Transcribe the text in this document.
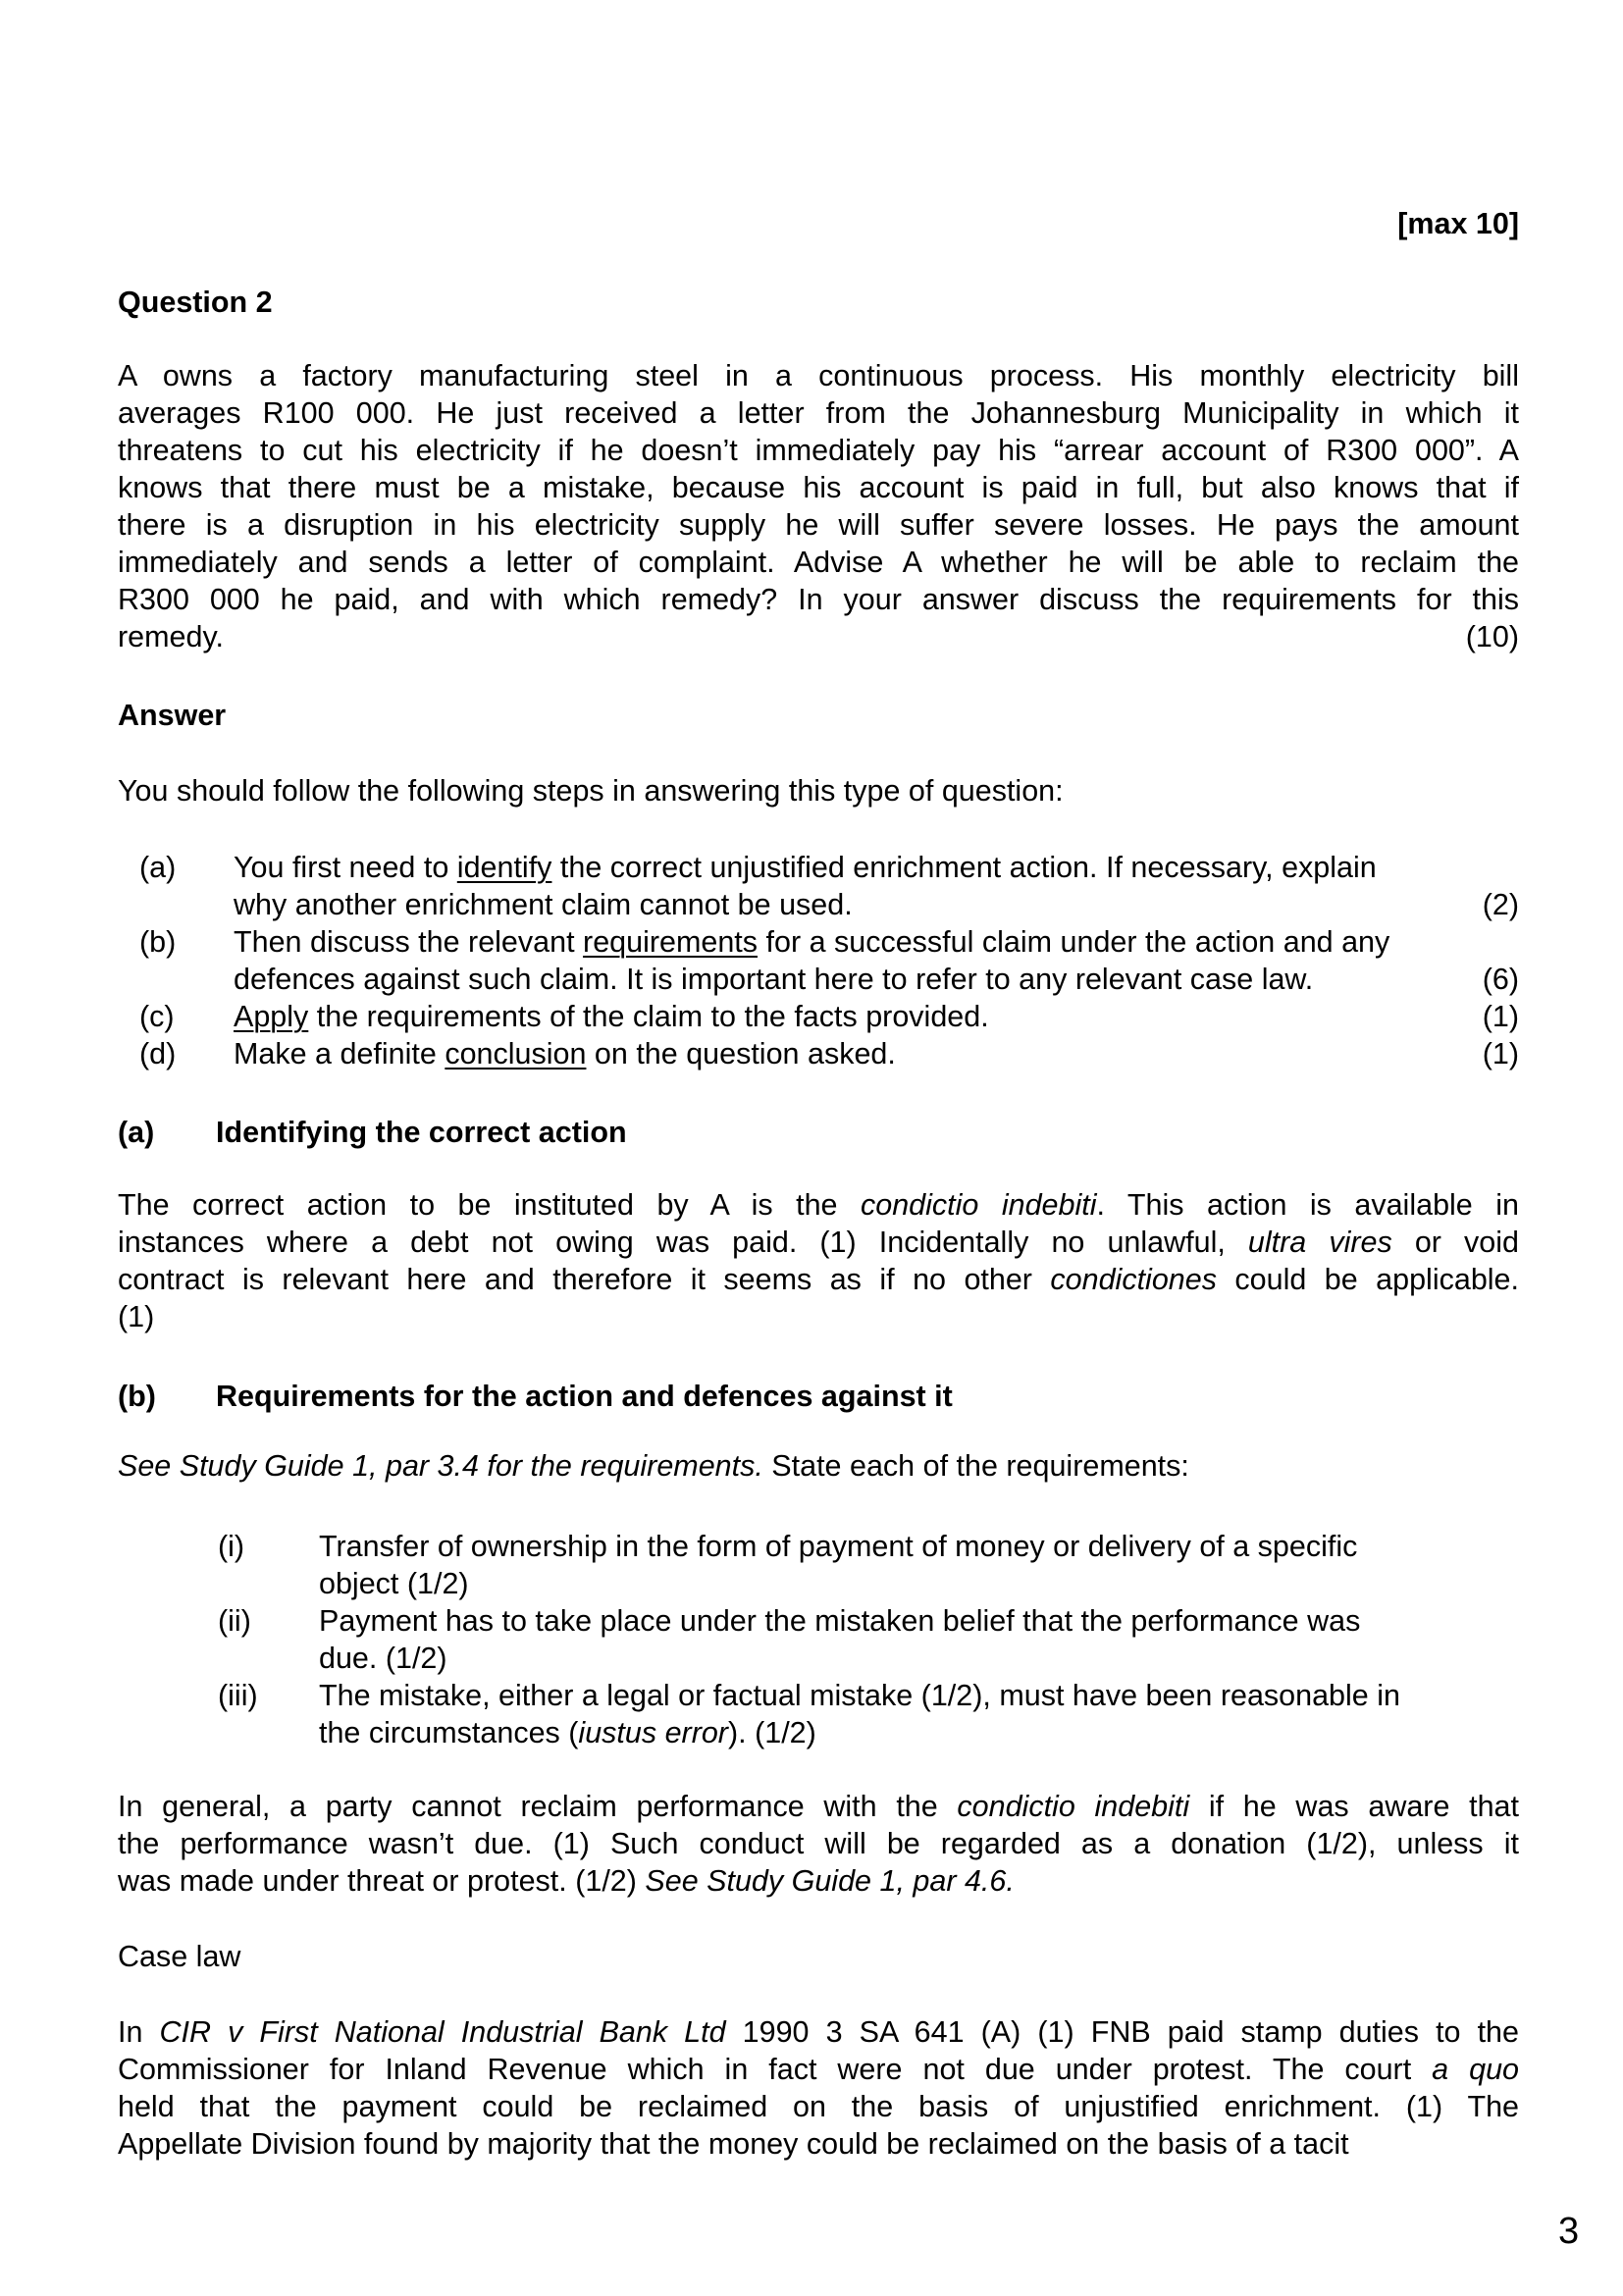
[max 10]
Question 2
A owns a factory manufacturing steel in a continuous process. His monthly electricity bill
averages R100 000. He just received a letter from the Johannesburg Municipality in which it
threatens to cut his electricity if he doesn’t immediately pay his “arrear account of R300 000”. A
knows that there must be a mistake, because his account is paid in full, but also knows that if
there is a disruption in his electricity supply he will suffer severe losses. He pays the amount
immediately and sends a letter of complaint. Advise A whether he will be able to reclaim the
R300 000 he paid, and with which remedy? In your answer discuss the requirements for this
remedy.	(10)
Answer
You should follow the following steps in answering this type of question:
(a) You first need to identify the correct unjustified enrichment action. If necessary, explain
why another enrichment claim cannot be used.	(2)
(b) Then discuss the relevant requirements for a successful claim under the action and any
defences against such claim. It is important here to refer to any relevant case law.	(6)
(c) Apply the requirements of the claim to the facts provided.	(1)
(d) Make a definite conclusion on the question asked.	(1)
(a) Identifying the correct action
The correct action to be instituted by A is the condictio indebiti. This action is available in
instances where a debt not owing was paid. (1) Incidentally no unlawful, ultra vires or void
contract is relevant here and therefore it seems as if no other condictiones could be applicable.
(1)
(b) Requirements for the action and defences against it
See Study Guide 1, par 3.4 for the requirements. State each of the requirements:
(i) Transfer of ownership in the form of payment of money or delivery of a specific
object (1/2)
(ii) Payment has to take place under the mistaken belief that the performance was
due. (1/2)
(iii) The mistake, either a legal or factual mistake (1/2), must have been reasonable in
the circumstances (iustus error). (1/2)
In general, a party cannot reclaim performance with the condictio indebiti if he was aware that
the performance wasn’t due. (1) Such conduct will be regarded as a donation (1/2), unless it
was made under threat or protest. (1/2) See Study Guide 1, par 4.6.
Case law
In CIR v First National Industrial Bank Ltd 1990 3 SA 641 (A) (1) FNB paid stamp duties to the
Commissioner for Inland Revenue which in fact were not due under protest. The court a quo
held that the payment could be reclaimed on the basis of unjustified enrichment. (1) The
Appellate Division found by majority that the money could be reclaimed on the basis of a tacit
3
